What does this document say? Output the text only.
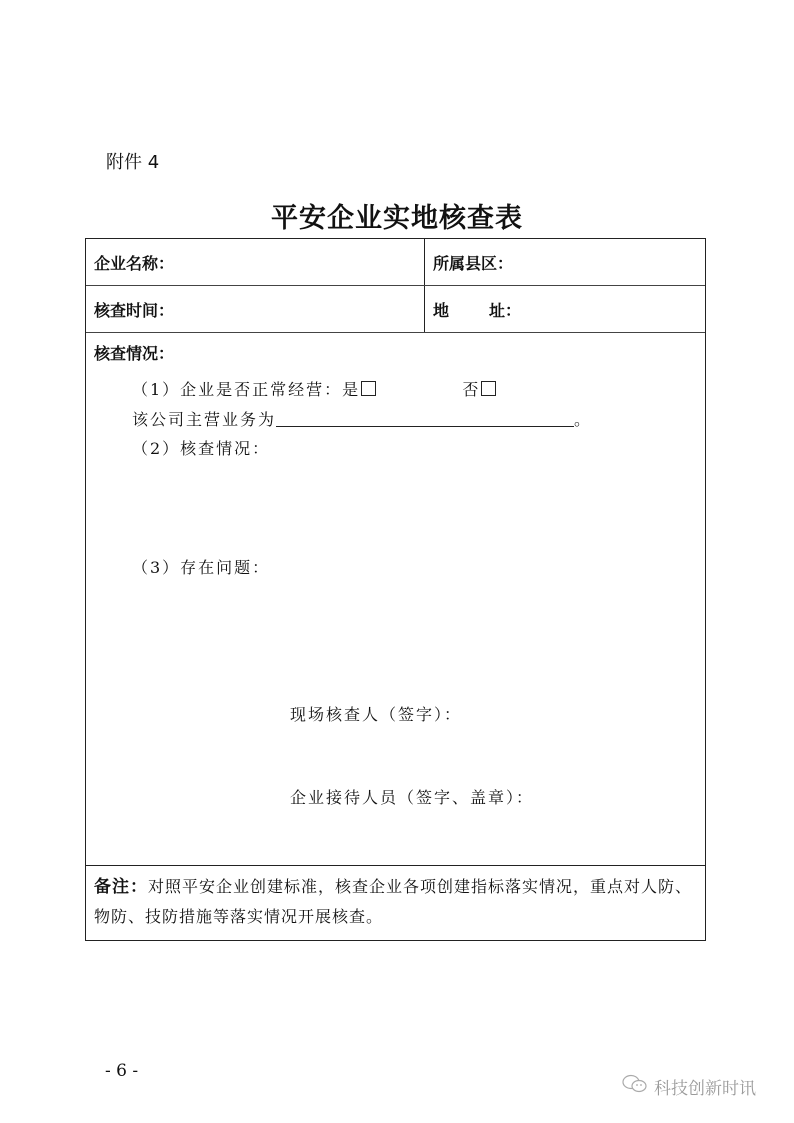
附件 4
平安企业实地核查表
企业名称：	所属县区：
核查时间：	地	址：
核查情况：
（1）企业是否正常经营：是	否
该公司主营业务为	。
（2）核查情况：
（3）存在问题：
现场核查人（签字）：
企业接待人员（签字、盖章）：
备注：对照平安企业创建标准，核查企业各项创建指标落实情况，重点对人防、物防、技防措施等落实情况开展核查。
- 6 -
科技创新时讯
